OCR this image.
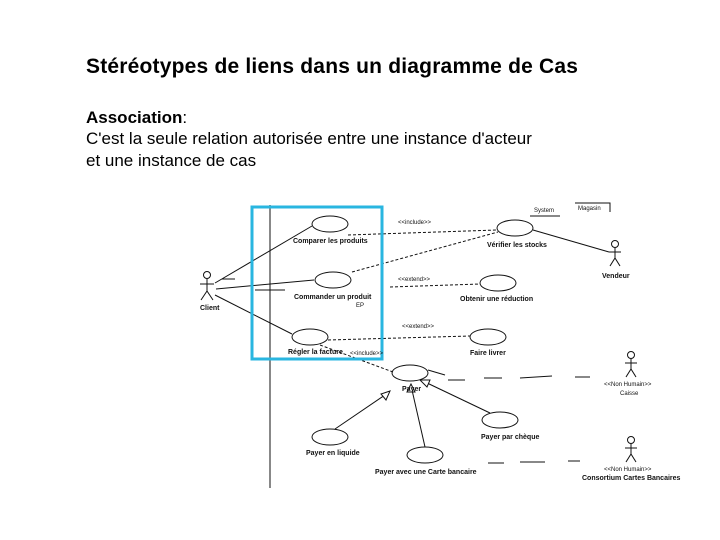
Stéréotypes de liens dans un diagramme de Cas
Association:
C'est la seule relation autorisée entre une instance d'acteur
et une instance de cas
System	Magasin
Client
Vendeur
<<Non Humain>>
Caisse
<<Non Humain>>
Consortium Cartes Bancaires
Comparer les produits
Commander un produit
EP
Régler la facture
Vérifier les stocks
Obtenir une réduction
Faire livrer
Payer
Payer en liquide
Payer par chèque
Payer avec une Carte bancaire
<<include>>
<<extend>>
<<extend>>
<<include>>
